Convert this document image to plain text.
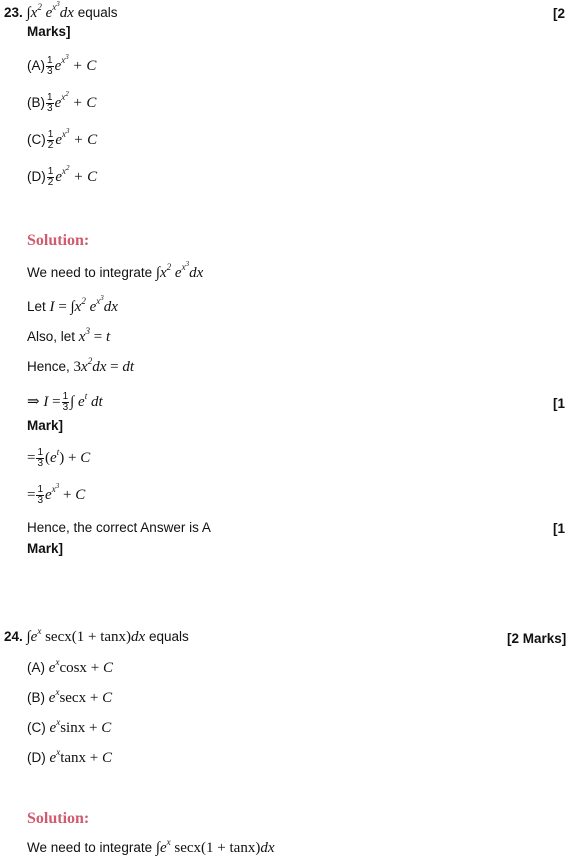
23. $\int x^2$ $e^{x^3}dx$ equals	[2
Marks]
$(A) \frac{1}{3} e^{x^3} + C$
$(B) \frac{1}{3} e^{x^2} + C$
$(C) \frac{1}{2} e^{x^3} + C$
$(D) \frac{1}{2} e^{x^2} + C$
Solution:
We need to integrate $\int x^2$ $e^{x^3}dx$
Let $I = \int x^2$ $e^{x^3}dx$
Also, let $x^3 = t$
Hence, $3x^2dx$ = dt
⇒ $I = \frac{1}{3}$ ∫ $e^t$ dt	[1
Mark]
= $\frac{1}{3} (e^t) + C$
= $\frac{1}{3} e^{x^3} + C$
Hence, the correct Answer is A	[1
Mark]
24. $\int e^x$ secx(1 + tanx)dx equals	[2 Marks]
(A) $e^x\cos x + C$
(B) $e^x\sec x + C$
(C) $e^x\sin x + C$
(D) $e^x\tan x + C$
Solution:
We need to integrate $\int e^x$ secx(1 + tanx)dx
